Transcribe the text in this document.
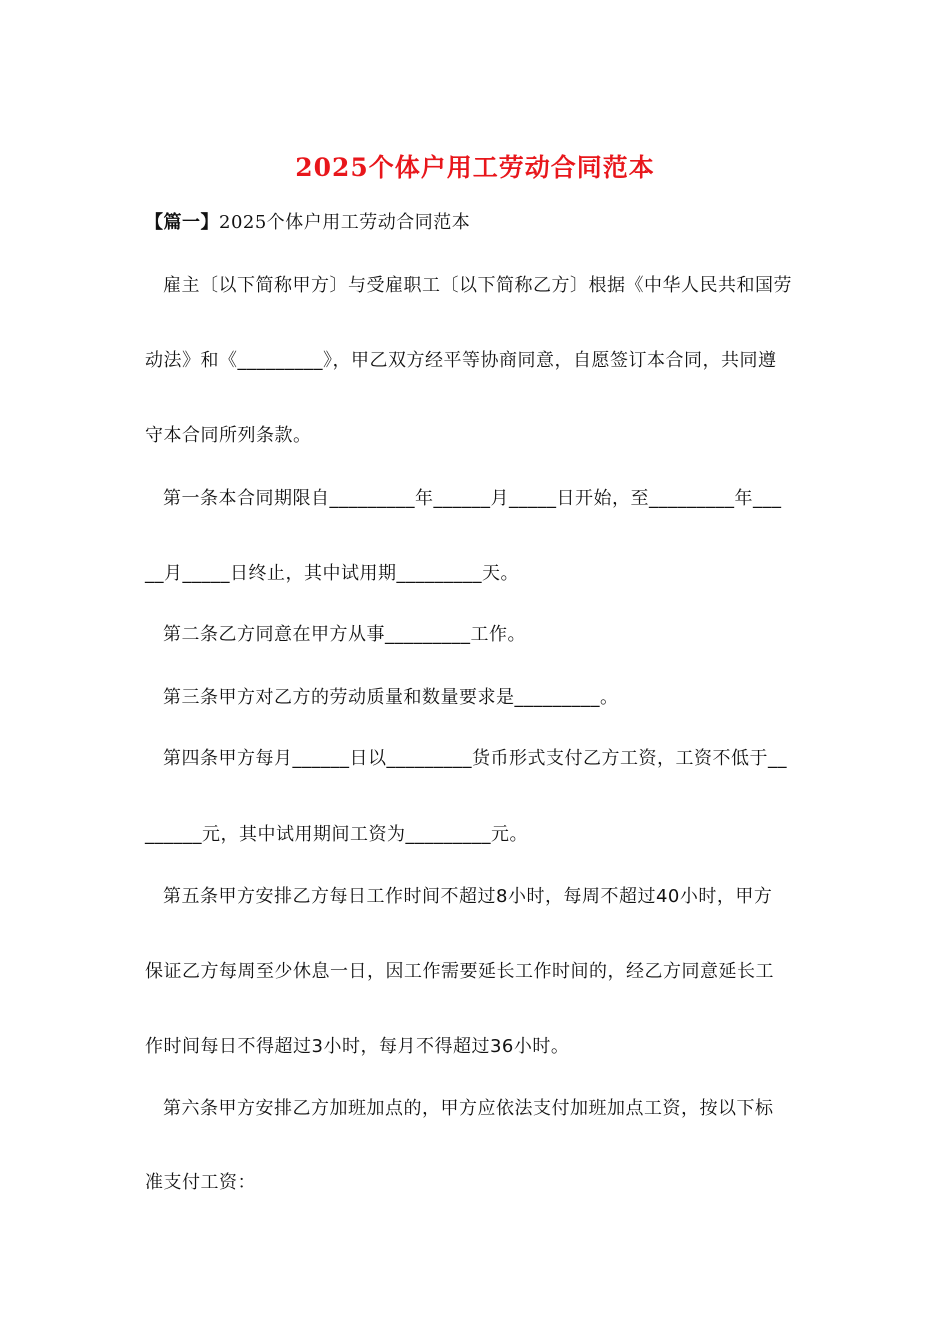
2025个体户用工劳动合同范本
【篇一】2025个体户用工劳动合同范本
雇主〔以下简称甲方〕与受雇职工〔以下简称乙方〕根据《中华人民共和国劳
动法》和《_________》，甲乙双方经平等协商同意，自愿签订本合同，共同遵
守本合同所列条款。
第一条本合同期限自_________年______月_____日开始，至_________年___
__月_____日终止，其中试用期_________天。
第二条乙方同意在甲方从事_________工作。
第三条甲方对乙方的劳动质量和数量要求是_________。
第四条甲方每月______日以_________货币形式支付乙方工资，工资不低于__
______元，其中试用期间工资为_________元。
第五条甲方安排乙方每日工作时间不超过8小时，每周不超过40小时，甲方
保证乙方每周至少休息一日，因工作需要延长工作时间的，经乙方同意延长工
作时间每日不得超过3小时，每月不得超过36小时。
第六条甲方安排乙方加班加点的，甲方应依法支付加班加点工资，按以下标
准支付工资：
